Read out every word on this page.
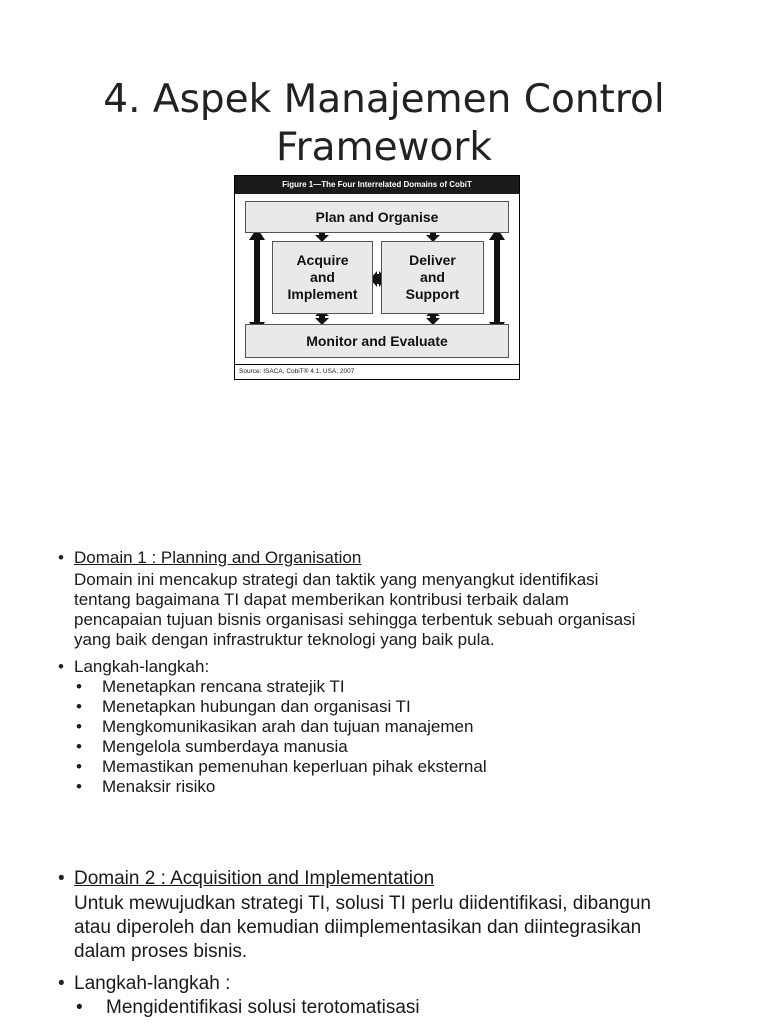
4. Aspek Manajemen Control
Framework
Figure 1—The Four Interrelated Domains of CobiT
Plan and Organise
Acquire
and
Implement
Deliver
and
Support
Monitor and Evaluate
Source: ISACA, CobiT® 4.1, USA, 2007
• Domain 1 : Planning and Organisation
Domain ini mencakup strategi dan taktik yang menyangkut identifikasi
tentang bagaimana TI dapat memberikan kontribusi terbaik dalam
pencapaian tujuan bisnis organisasi sehingga terbentuk sebuah organisasi
yang baik dengan infrastruktur teknologi yang baik pula.
• Langkah-langkah:
• Menetapkan rencana stratejik TI
• Menetapkan hubungan dan organisasi TI
• Mengkomunikasikan arah dan tujuan manajemen
• Mengelola sumberdaya manusia
• Memastikan pemenuhan keperluan pihak eksternal
• Menaksir risiko
• Domain 2 : Acquisition and Implementation
Untuk mewujudkan strategi TI, solusi TI perlu diidentifikasi, dibangun
atau diperoleh dan kemudian diimplementasikan dan diintegrasikan
dalam proses bisnis.
• Langkah-langkah :
• Mengidentifikasi solusi terotomatisasi
